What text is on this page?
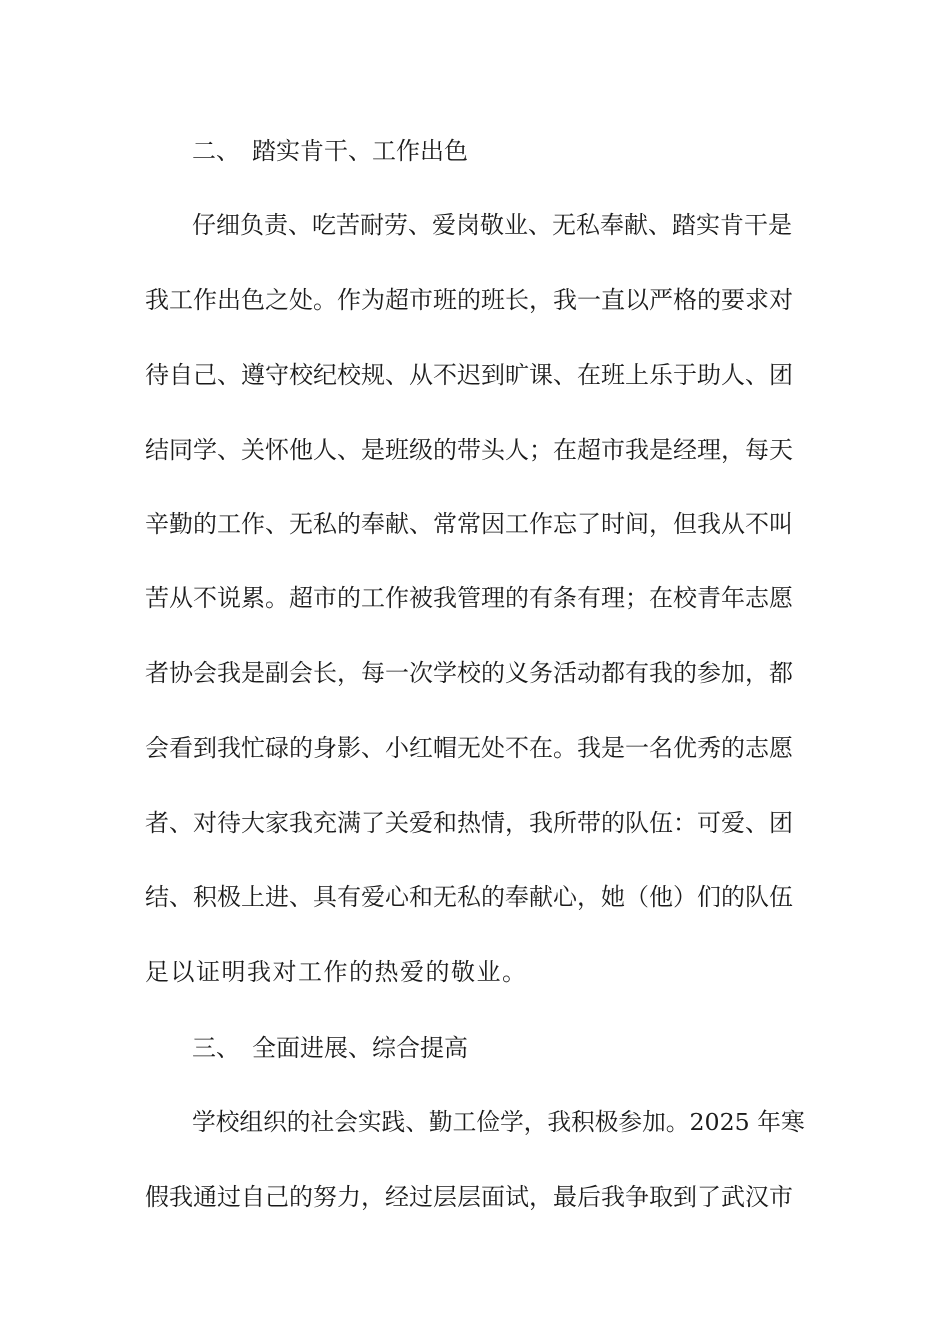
二、 踏实肯干、工作出色
仔细负责、吃苦耐劳、爱岗敬业、无私奉献、踏实肯干是
我工作出色之处。作为超市班的班长，我一直以严格的要求对
待自己、遵守校纪校规、从不迟到旷课、在班上乐于助人、团
结同学、关怀他人、是班级的带头人；在超市我是经理，每天
辛勤的工作、无私的奉献、常常因工作忘了时间，但我从不叫
苦从不说累。超市的工作被我管理的有条有理；在校青年志愿
者协会我是副会长，每一次学校的义务活动都有我的参加，都
会看到我忙碌的身影、小红帽无处不在。我是一名优秀的志愿
者、对待大家我充满了关爱和热情，我所带的队伍：可爱、团
结、积极上进、具有爱心和无私的奉献心，她（他）们的队伍
足以证明我对工作的热爱的敬业。
三、 全面进展、综合提高
学校组织的社会实践、勤工俭学，我积极参加。2025 年寒
假我通过自己的努力，经过层层面试，最后我争取到了武汉市
